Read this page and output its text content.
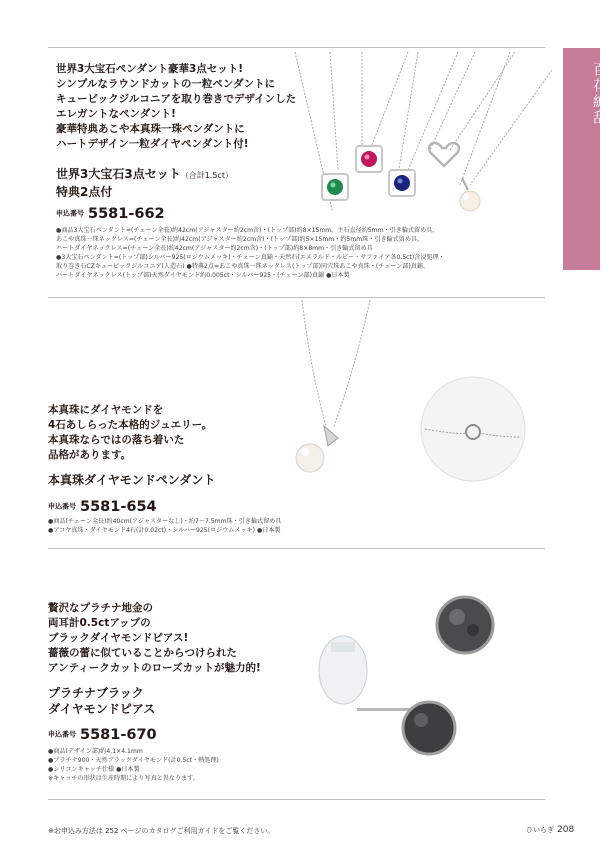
百花繚乱
ファッション・ビューティー
世界3大宝石ペンダント豪華3点セット!
シンプルなラウンドカットの一粒ペンダントに
キュービックジルコニアを取り巻きでデザインした
エレガントなペンダント!
豪華特典あこや本真珠一珠ペンダントに
ハートデザイン一粒ダイヤペンダント付!
世界3大宝石3点セット（合計1.5ct）
特典2点付
申込番号 5581-662
●商品3大宝石ペンダント=(チェーン全長)約42cm(アジャスター約2cm含)・(トップ部)約8×15mm、主石直径約5mm・引き輪式留め具、
あこや真珠一珠ネックレス=(チェーン全長)約42cm(アジャスター約2cm含)・(トップ部)約5×15mm・約5mm珠・引き輪式留め具、
ハートダイヤネックレス=(チェーン全長)約42cm(アジャスター約2cm含)・(トップ部)約8×8mm・引き輪式留め具
●3大宝石ペンダント=(トップ部)シルバー925(ロジウムメッキ)・チェーン真鍮・天然石(エメラルド・ルビー・サファイア各0.5ct)含浸処理・
取り巻き石CZキュービックジルコニア(人造石) ●特典2点=あこや真珠一珠ネックレス(トップ部)同穴珠あこや真珠・(チェーン部)真鍮、
ハートダイヤネックレス(トップ部)天然ダイヤモンド約0.005ct・シルバー925・(チェーン部)真鍮 ●日本製
本真珠にダイヤモンドを
4石あしらった本格的ジュエリー。
本真珠ならではの落ち着いた
品格があります。
本真珠ダイヤモンドペンダント
申込番号 5581-654
●商品(チェーン全長)約40cm(アジャスターなし)・約7～7.5mm珠・引き輪式留め具
●アコヤ真珠・ダイヤモンド4石(計0.02ct)・シルバー925(ロジウムメッキ) ●日本製
贅沢なプラチナ地金の
両耳計0.5ctアップの
ブラックダイヤモンドピアス!
薔薇の蕾に似ていることからつけられた
アンティークカットのローズカットが魅力的!
プラチナブラック
ダイヤモンドピアス
申込番号 5581-670
●商品(デザイン部)約4.1×4.1mm
●プラチナ900・天然ブラックダイヤモンド(計0.5ct・熱処理)
●シリコンキャッチ仕様 ●日本製
※キャッチの形状は生産時期により写真と異なります。
※お申込み方法は 252 ページのカタログご利用ガイドをご覧ください。	ひいらぎ 208
